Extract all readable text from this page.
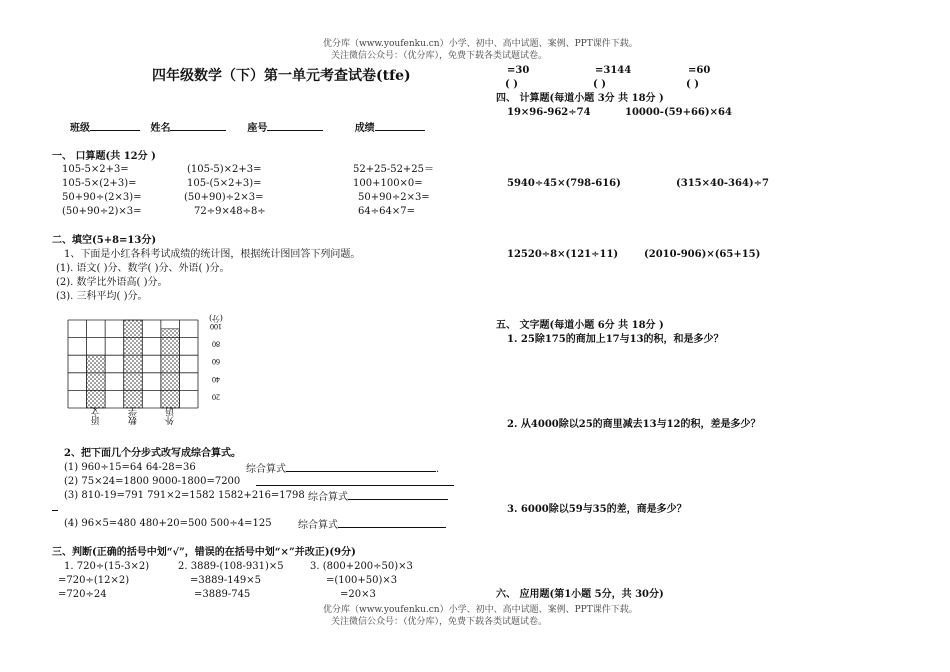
优分库（www.youfenku.cn）小学、初中、高中试题、案例、PPT课件下载。
关注微信公众号：（优分库），免费下载各类试题试卷。
优分库（www.youfenku.cn）小学、初中、高中试题、案例、PPT课件下载。
关注微信公众号：（优分库），免费下载各类试题试卷。
四年级数学（下）第一单元考查试卷(tfe)
班级	姓名	座号	成绩
一、 口算题(共 12分 )
105-5×2+3=	(105-5)×2+3=	52+25-52+25＝
105-5×(2+3)=	105-(5×2+3)=	100+100×0=
50+90÷(2×3)=	(50+90)÷2×3=	50+90÷2×3=
(50+90÷2)×3=	72÷9×48÷8÷	64÷64×7=
二、填空(5+8=13分)
1、下面是小红各科考试成绩的统计图，根据统计图回答下列问题。
(1). 语文( )分、数学( )分、外语( )分。
(2). 数学比外语高( )分。
(3). 三科平均( )分。
100
80
60
40
20
(分)
语文	数学	外语
2、把下面几个分步式改写成综合算式。
(1) 960÷15=64 64-28=36	综合算式	.
(2) 75×24=1800 9000-1800=7200
(3) 810-19=791 791×2=1582 1582+216=1798 综合算式
(4) 96×5=480 480+20=500 500÷4=125	综合算式
三、判断(正确的括号中划“√”，错误的在括号中划“×”并改正)(9分)
1. 720÷(15-3×2)
=720÷(12×2)
=720÷24
2. 3889-(108-931)×5
=3889-149×5
=3889-745
3. (800+200÷50)×3
=(100+50)×3
=20×3
=30	=3144	=60
( )	( )	( )
四、 计算题(每道小题 3分 共 18分 )
19×96-962÷74	10000-(59+66)×64
5940÷45×(798-616)	(315×40-364)÷7
12520÷8×(121÷11)	(2010-906)×(65+15)
五、 文字题(每道小题 6分 共 18分 )
1. 25除175的商加上17与13的积，和是多少？
2. 从4000除以25的商里减去13与12的积，差是多少？
3. 6000除以59与35的差，商是多少？
六、 应用题(第1小题 5分，共 30分)
